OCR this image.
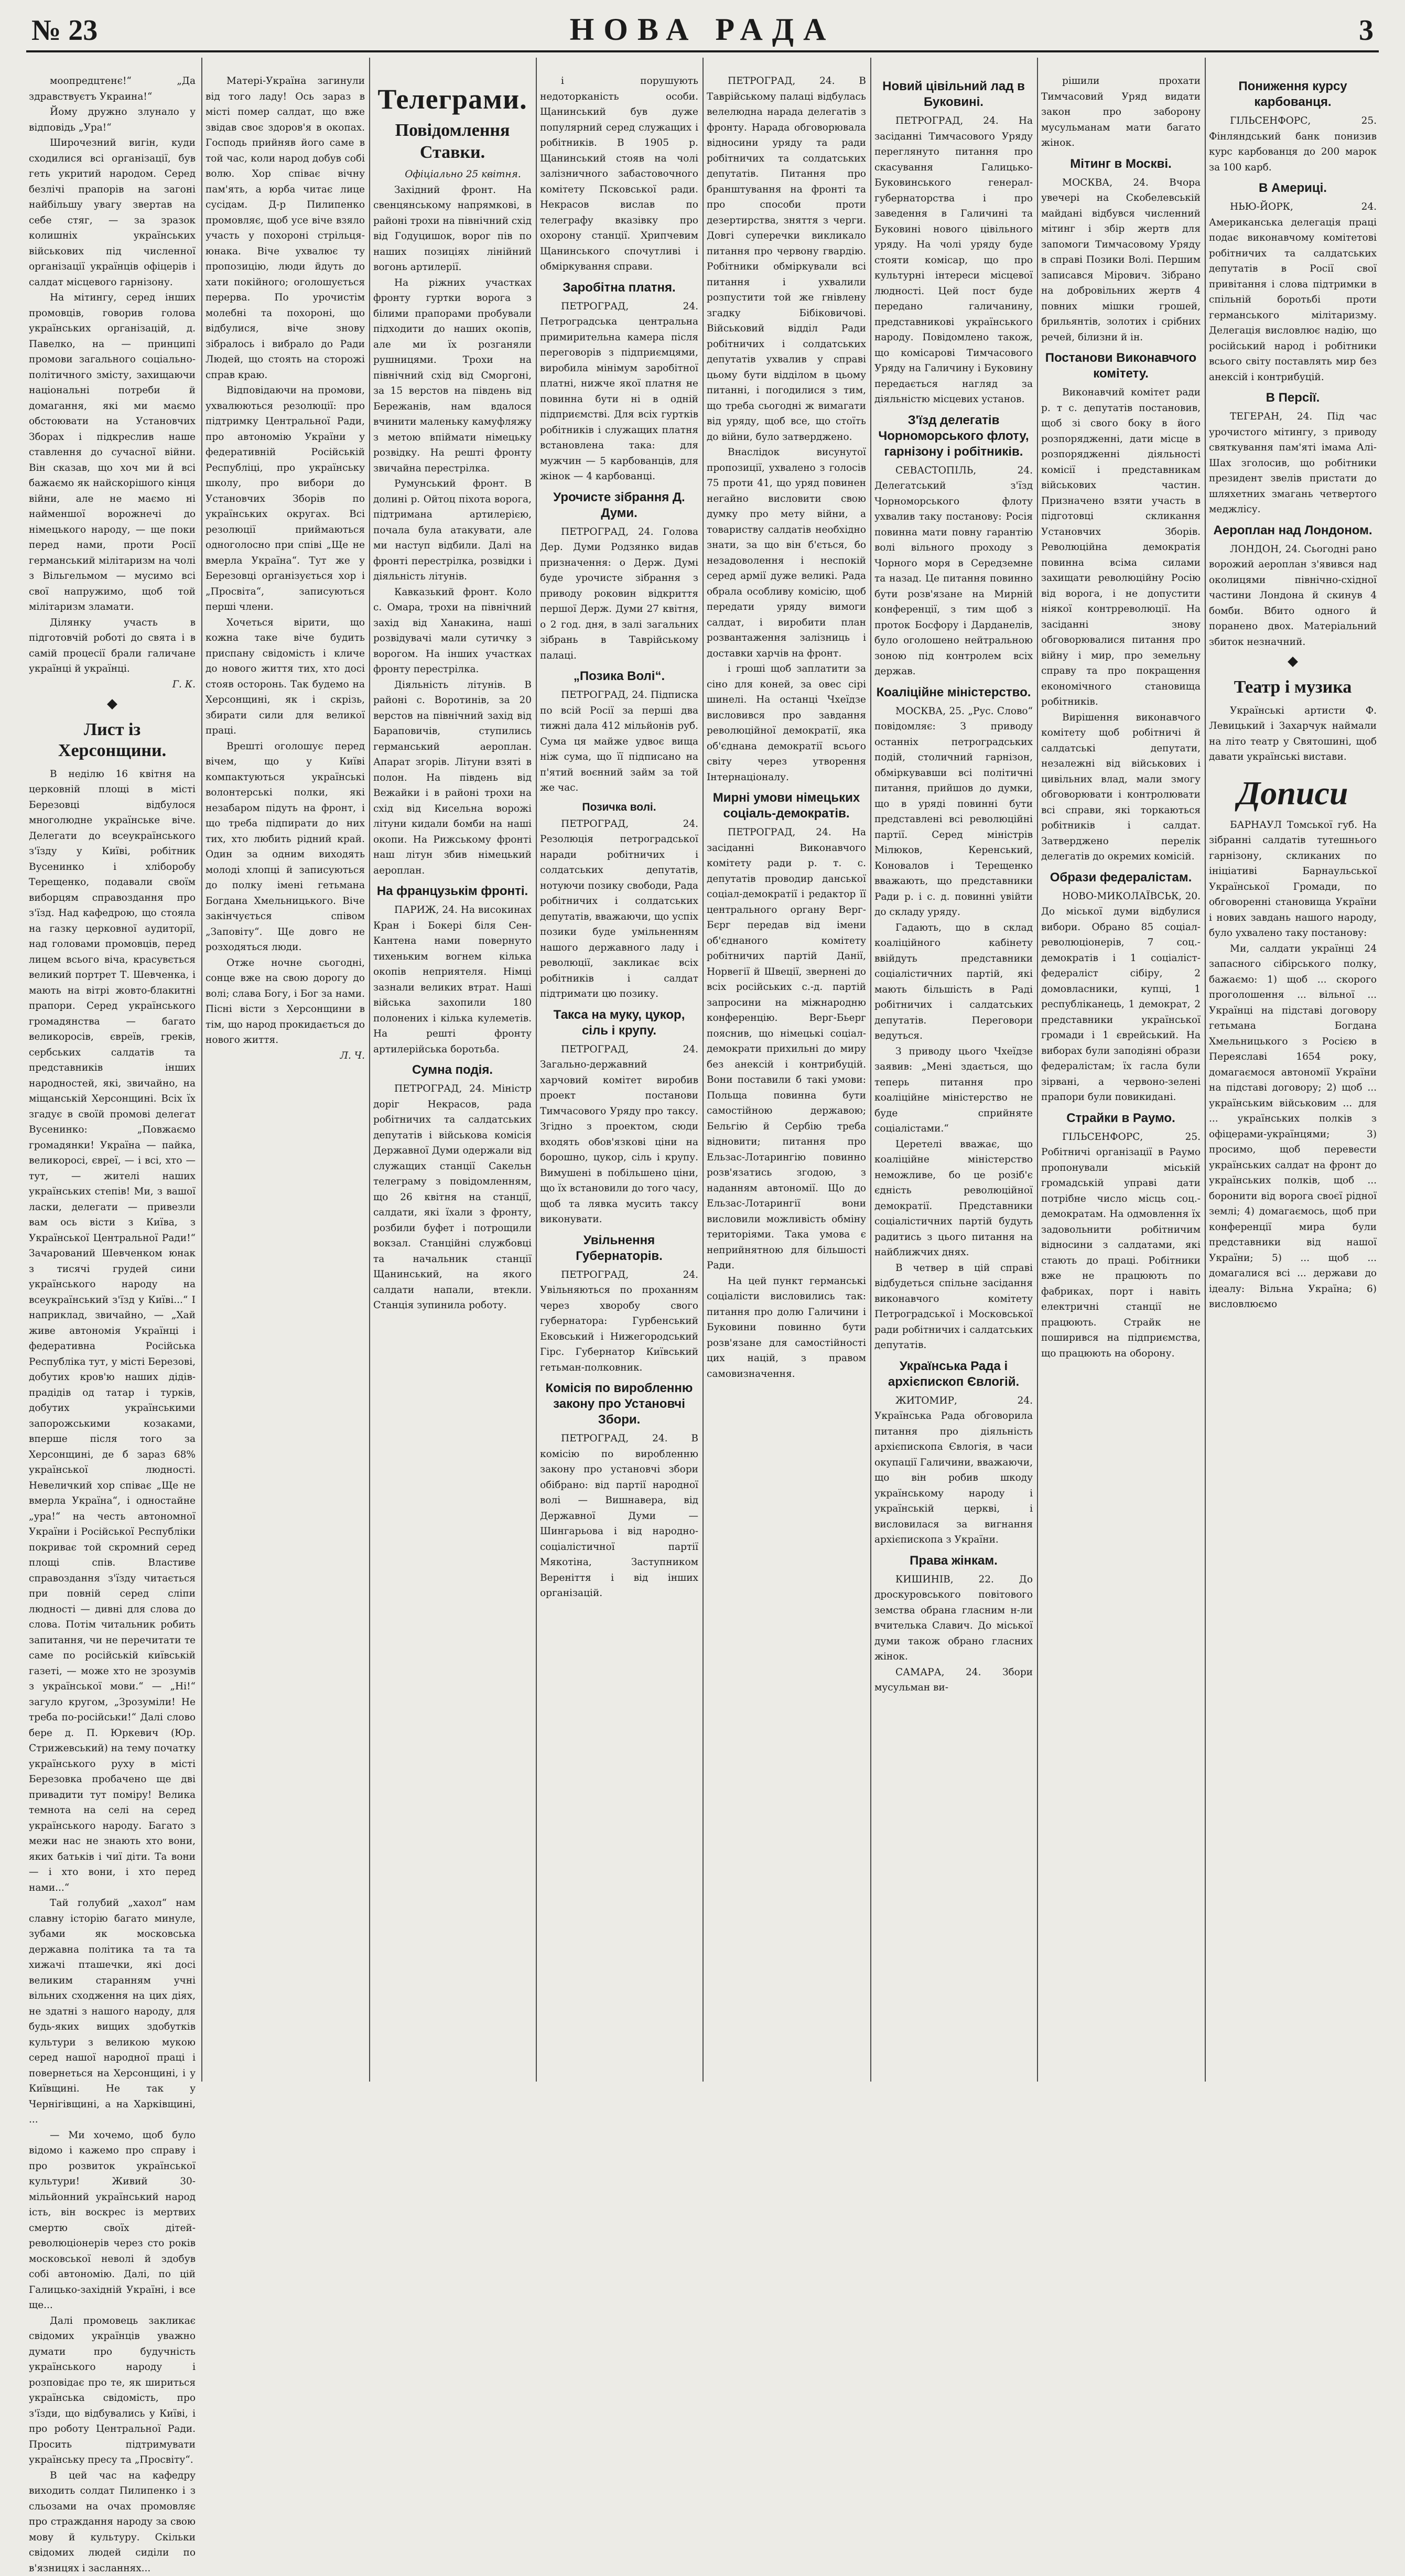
№ 23	НОВА РАДА	3

моопредцтенє!“ „Да здравствуєтъ Украина!“

Йому дружно злунало у відповідь „Ура!“

Широчезний вигін, куди сходилися всі організації, був геть укритий народом. Серед безлічі прапорів на загоні найбільшу увагу звертав на себе стяг, — за зразок колишніх українських військових під численної організації українців офіцерів і салдат місцевого гарнізону.

На мітингу, серед інших промовців, говорив голова українських організацій, д. Павелко, на — принципі промови загального соціально-політичного змісту, захищаючи національні потреби й домагання, які ми маємо обстоювати на Установчих Зборах і підкреслив наше ставлення до сучасної війни. Він сказав, що хоч ми й всі бажаємо як найскорішого кінця війни, але не маємо ні найменшої ворожнечі до німецького народу, — ще поки перед нами, проти Росії германський мілітаризм на чолі з Вільгельмом — мусимо всі свої напружимо, щоб той мілітаризм зламати.

Ділянку участь в підготовчій роботі до свята і в самій процесії брали галичане українці й українці.

Г. К.

◆
Лист із Херсонщини.

В неділю 16 квітня на церковній площі в місті Березовці відбулося многолюдне українське віче. Делегати до всеукраїнського з'їзду у Київі, робітник Вусенинко і хліборобу Терещенко, подавали своїм виборцям справоздання про з'їзд. Над кафедрою, що стояла на газку церковної аудиторії, над головами промовців, перед лицем всього віча, красувється великий портрет Т. Шевченка, і мають на вітрі жовто-блакитні прапори. Серед українського громадянства — багато великоросів, євреїв, греків, сербських салдатів та представників інших народностей, які, звичайно, на міщанській Херсонщині. Всіх їх згадує в своїй промові делегат Вусенинко: „Повжаємо громадянки! Україна — пайка, великоросі, євреї, — і всі, хто — тут, — жителі наших українських степів! Ми, з вашої ласки, делегати — привезли вам ось вісти з Київа, з Української Центральної Ради!“ Зачарований Шевченком юнак з тисячі грудей сини українського народу на всеукраїнський з'їзд у Київі...“ І наприклад, звичайно, — „Хай живе автономія Українці і федеративна Російська Республіка тут, у місті Березові, добутих кров'ю наших дідів-прадідів од татар і турків, добутих українськими запорожськими козаками, вперше після того за Херсонщині, де б зараз 68% української людності. Невеличкий хор співає „Ще не вмерла Україна“, і одностайне „ура!“ на честь автономної України і Російської Республіки покриває той скромний серед площі спів. Властиве справоздання з'їзду читається при повній серед сліпи людності — дивні для слова до слова. Потім читальник робить запитання, чи не перечитати те саме по російській київській газеті, — може хто не зрозумів з української мови.“ — „Ні!“ загуло кругом, „Зрозуміли! Не треба по-російськи!“ Далі слово бере д. П. Юркевич (Юр. Стрижевський) на тему початку українського руху в місті Березовка пробачено ще дві привадити тут поміру! Велика темнота на селі на серед українського народу. Багато з межи нас не знають хто вони, яких батьків і чиї діти. Та вони — і хто вони, і хто перед нами...“

Тай голубий „хахол“ нам славну історію багато минуле, зубами як московська державна політика та та та хижачі пташечки, які досі великим старанням учні вільних сходження на цих діях, не здатні з нашого народу, для будь-яких вищих здобутків культури з великою мукою серед нашої народної праці і повернеться на Херсонщині, і у Київщині. Не так у Чернігівщині, а на Харківщині, ...

— Ми хочемо, щоб було відомо і кажемо про справу і про розвиток української культури! Живий 30-мільйонний український народ ість, він воскрес із мертвих смертю своїх дітей-революціонерів через сто років московської неволі й здобув собі автономію. Далі, по цій Галицько-західній Україні, і все ще...

Далі промовець закликає свідомих українців уважно думати про будучність українського народу і розповідає про те, як шириться українська свідомість, про з'їзди, що відбувались у Київі, і про роботу Центральної Ради. Просить підтримувати українську пресу та „Просвіту“.

В цей час на кафедру виходить солдат Пилипенко і з сльозами на очах промовляє про страждання народу за свою мову й культуру. Скільки свідомих людей сиділи по в'язницях і засланнях...

Матері-Україна загинули від того ладу! Ось зараз в місті помер салдат, що вже звідав своє здоров'я в окопах. Господь прийняв його саме в той час, коли народ добув собі волю. Хор співає вічну пам'ять, а юрба читає лице сусідам. Д-р Пилипенко промовляє, щоб усе віче взяло участь у похороні стрільця-юнака. Віче ухвалює ту пропозицію, люди йдуть до хати покійного; оголошується перерва. По урочистім молебні та похороні, що відбулися, віче знову зібралось і вибрало до Ради Людей, що стоять на сторожі справ краю.

Відповідаючи на промови, ухвалюються резолюції: про підтримку Центральної Ради, про автономію України у федеративній Російській Республіці, про українську школу, про вибори до Установчих Зборів по українських округах. Всі резолюції приймаються одноголосно при співі „Ще не вмерла Україна“. Тут же у Березовці організується хор і „Просвіта“, записуються перші члени.

Хочеться вірити, що кожна таке віче будить приспану свідомість і кличе до нового життя тих, хто досі стояв осторонь. Так будемо на Херсонщині, як і скрізь, збирати сили для великої праці.

Врешті оголошує перед вічем, що у Київі компактуються українські волонтерські полки, які незабаром підуть на фронт, і що треба підпирати до них тих, хто любить рідний край. Один за одним виходять молоді хлопці й записуються до полку імені гетьмана Богдана Хмельницького. Віче закінчується співом „Заповіту“. Ще довго не розходяться люди.

Отже ночне сьогодні, сонце вже на свою дорогу до волі; слава Богу, і Бог за нами. Пісні вісти з Херсонщини в тім, що народ прокидається до нового життя.

Л. Ч.

Телеграми.
Повідомлення Ставки.

Офіціально 25 квітня.

Західний фронт. На свенцянському напрямкові, в районі трохи на північний схід від Годуцишок, ворог пів по наших позиціях лінійний вогонь артилерії.

На ріжних участках фронту гуртки ворога з білими прапорами пробували підходити до наших окопів, але ми їх розганяли рушницями. Трохи на північний схід від Сморгоні, за 15 верстов на південь від Бережанів, нам вдалося вчинити маленьку камуфляжу з метою впіймати німецьку розвідку. На решті фронту звичайна перестрілка.

Румунський фронт. В долині р. Ойтоц піхота ворога, підтримана артилерією, почала була атакувати, але ми наступ відбили. Далі на фронті перестрілка, розвідки і діяльність літунів.

Кавказький фронт. Коло с. Омара, трохи на північний захід від Ханакина, наші розвідувачі мали сутичку з ворогом. На інших участках фронту перестрілка.

Діяльність літунів. В районі с. Воротинів, за 20 верстов на північний захід від Бараповичів, ступились германський аероплан. Апарат згорів. Літуни взяті в полон. На південь від Вежайки і в районі трохи на схід від Кисельна ворожі літуни кидали бомби на наші окопи. На Рижському фронті наш літун збив німецький аероплан.

На французькім фронті.

ПАРИЖ, 24. На високинах Кран і Бокері біля Сен-Кантена нами повернуто тихеньким вогнем кілька окопів неприятеля. Німці зазнали великих втрат. Наші війська захопили 180 полонених і кілька кулеметів. На решті фронту артилерійська боротьба.

Сумна подія.

ПЕТРОГРАД, 24. Міністр доріг Некрасов, рада робітничих та салдатських депутатів і військова комісія Державної Думи одержали від служащих станції Сакельн телеграму з повідомленням, що 26 квітня на станції, салдати, які їхали з фронту, розбили буфет і потрощили вокзал. Станційні службовці та начальник станції Щанинський, на якого салдати напали, втекли. Станція зупинила роботу.

і порушують недоторканість особи. Щанинський був дуже популярний серед служащих і робітників. В 1905 р. Щанинський стояв на чолі залізничного забастовочного комітету Псковської ради. Некрасов вислав по телеграфу вказівку про охорону станції. Хрипчевим Щанинського спочутливі і обміркування справи.

Заробітна платня.

ПЕТРОГРАД, 24. Петроградська центральна примирительна камера після переговорів з підприємцями, виробила мінімум заробітної платні, нижче якої платня не повинна бути ні в одній підприємстві. Для всіх гуртків робітників і служащих платня встановлена така: для мужчин — 5 карбованців, для жінок — 4 карбованці.

Урочисте зібрання Д. Думи.

ПЕТРОГРАД, 24. Голова Дер. Думи Родзянко видав призначення: о Держ. Думі буде урочисте зібрання з приводу роковин відкриття першої Держ. Думи 27 квітня, о 2 год. дня, в залі загальних зібрань в Таврійському палаці.

„Позика Волі“.

ПЕТРОГРАД, 24. Підписка по всій Росії за перші два тижні дала 412 мільйонів руб. Сума ця майже удвоє вища ніж сума, що її підписано на п'ятий воєнний займ за той же час.

Позичка волі.

ПЕТРОГРАД, 24. Резолюція петроградської наради робітничих і солдатських депутатів, нотуючи позику свободи, Рада робітничих і солдатських депутатів, вважаючи, що успіх позики буде умільненням нашого державного ладу і революції, закликає всіх робітників і салдат підтримати цю позику.

Такса на муку, цукор, сіль і крупу.

ПЕТРОГРАД, 24. Загально-державний харчовий комітет виробив проект постанови Тимчасового Уряду про таксу. Згідно з проектом, сюди входять обов'язкові ціни на борошно, цукор, сіль і крупу. Вимушені в побільшено ціни, що їх встановили до того часу, щоб та лявка мусить таксу виконувати.

Увільнення Губернаторів.

ПЕТРОГРАД, 24. Увільняються по проханням через хворобу свого губернатора: Гурбенський Ековський і Нижегородський Гірс. Губернатор Київський гетьман-полковник.

Комісія по виробленню закону про Установчі Збори.

ПЕТРОГРАД, 24. В комісію по виробленню закону про установчі збори обібрано: від партії народної волі — Вишнавера, від Державної Думи — Шингарьова і від народно-соціалістичної партії Мякотіна, Заступником Вереніття і від інших організацій.

ПЕТРОГРАД, 24. В Таврійському палаці відбулась велелюдна нарада делегатів з фронту. Нарада обговорювала відносини уряду та ради робітничих та солдатських депутатів. Питання про бранштування на фронті та про способи проти дезертирства, зняття з черги. Довгі суперечки викликало питання про червону гвардію. Робітники обміркували всі питання і ухвалили розпустити той же гнівлену згадку Бібіковичові. Військовий відділ Ради робітничих і солдатських депутатів ухвалив у справі цьому бути відділом в цьому питанні, і погодилися з тим, що треба сьогодні ж вимагати від уряду, щоб все, що стоїть до війни, було затверджено.

Внаслідок висунутої пропозиції, ухвалено з голосів 75 проти 41, що уряд повинен негайно висловити свою думку про мету війни, а товариству салдатів необхідно знати, за що він б'ється, бо незадоволення і неспокій серед армії дуже великі. Рада обрала особливу комісію, щоб передати уряду вимоги салдат, і виробити план розвантаження залізниць і доставки харчів на фронт.

і гроші щоб заплатити за сіно для коней, за овес сірі шинелі. На останці Чхеїдзе висловився про завдання революційної демократії, яка об'єднана демократії всього світу через утворення Інтернаціоналу.

Мирні умови німецьких соціаль-демократів.

ПЕТРОГРАД, 24. На засіданні Виконавчого комітету ради р. т. с. депутатів проводир данської соціал-демократії і редактор її центрального органу Верг-Бєрг передав від імени об'єднаного комітету робітничих партій Данії, Норвегії й Швеції, звернені до всіх російських с.-д. партій запросини на міжнародню конференцію. Верг-Бьерг пояснив, що німецькі соціал-демократи прихильні до миру без анексій і контрибуцій. Вони поставили б такі умови: Польща повинна бути самостійною державою; Бельгію й Сербію треба відновити; питання про Ельзас-Лотарингію повинно розв'язатись згодою, з наданням автономії. Що до Ельзас-Лотарингії вони висловили можливість обміну територіями. Така умова є неприйнятною для більшості Ради.

На цей пункт германські соціалісти висловились так: питання про долю Галичини і Буковини повинно бути розв'язане для самостійності цих націй, з правом самовизначення.

Новий цівільний лад в Буковині.

ПЕТРОГРАД, 24. На засіданні Тимчасового Уряду переглянуто питання про скасування Галицько-Буковинського генерал-губернаторства і про заведення в Галичині та Буковині нового цівільного уряду. На чолі уряду буде стояти комісар, що про культурні інтереси місцевої людності. Цей пост буде передано галичанину, представникові українського народу. Повідомлено також, що комісарові Тимчасового Уряду на Галичину і Буковину передається нагляд за діяльністю місцевих установ.

З'їзд делегатів Чорноморського флоту, гарнізону і робітників.

СЕВАСТОПІЛЬ, 24. Делегатський з'їзд Чорноморського флоту ухвалив таку постанову: Росія повинна мати повну гарантію волі вільного проходу з Чорного моря в Середземне та назад. Це питання повинно бути розв'язане на Мирній конференції, з тим щоб з проток Босфору і Дарданелів, було оголошено нейтральною зоною під контролем всіх держав.

Коаліційне міністерство.

МОСКВА, 25. „Рус. Слово“ повідомляє: З приводу останніх петроградських подій, столичний гарнізон, обміркувавши всі політичні питання, прийшов до думки, що в уряді повинні бути представлені всі революційні партії. Серед міністрів Мілюков, Керенський, Коновалов і Терещенко вважають, що представники Ради р. і с. д. повинні увійти до складу уряду.

Гадають, що в склад коаліційного кабінету ввійдуть представники соціалістичних партій, які мають більшість в Раді робітничих і салдатських депутатів. Переговори ведуться.

З приводу цього Чхеїдзе заявив: „Мені здається, що теперь питання про коаліційне міністерство не буде сприйняте соціалістами.“

Церетелі вважає, що коаліційне міністерство неможливе, бо це розіб'є єдність революційної демократії. Представники соціалістичних партій будуть радитись з цього питання на найближчих днях.

В четвер в цій справі відбудеться спільне засідання виконавчого комітету Петроградської і Московської ради робітничих і салдатських депутатів.

Українська Рада і архієпископ Євлогій.

ЖИТОМИР, 24. Українська Рада обговорила питання про діяльність архієпископа Євлогія, в часи окупації Галичини, вважаючи, що він робив шкоду українському народу і українській церкві, і висловилася за вигнання архієпископа з України.

Права жінкам.

КИШИНІВ, 22. До дроскуровського повітового земства обрана гласним н-ли вчителька Славич. До міської думи також обрано гласних жінок.

САМАРА, 24. Збори мусульман ви-

рішили прохати Тимчасовий Уряд видати закон про заборону мусульманам мати багато жінок.

Мітинг в Москві.

МОСКВА, 24. Вчора увечері на Скобелевській майдані відбувся численний мітинг і збір жертв для запомоги Тимчасовому Уряду в справі Позики Волі. Першим записався Мірович. Зібрано на добровільних жертв 4 повних мішки грошей, брильянтів, золотих і срібних речей, білизни й ін.

Постанови Виконавчого комітету.

Виконавчий комітет ради р. т с. депутатів постановив, щоб зі свого боку в його розпорядженні, дати місце в розпорядженні діяльності комісії і представникам військових частин. Призначено взяти участь в підготовці скликання Установчих Зборів. Революційна демократія повинна всіма силами захищати революційну Росію від ворога, і не допустити ніякої контрреволюції. На засіданні знову обговорювалися питання про війну і мир, про земельну справу та про покращення економічного становища робітників.

Вирішення виконавчого комітету щоб робітничі й салдатські депутати, незалежні від військових і цивільних влад, мали змогу обговорювати і контролювати всі справи, які торкаються робітників і салдат. Затверджено перелік делегатів до окремих комісій.

Образи федералістам.

НОВО-МИКОЛАЇВСЬК, 20. До міської думи відбулися вибори. Обрано 85 соціал-революціонерів, 7 соц.-демократів і 1 соціаліст-федераліст сібіру, 2 домовласники, купці, 1 республіканець, 1 демократ, 2 представники української громади і 1 єврейський. На виборах були заподіяні образи федералістам; їх гасла були зірвані, а червоно-зелені прапори були повикидані.

Страйки в Раумо.

ГІЛЬСЕНФОРС, 25. Робітничі організації в Раумо пропонували міській громадській управі дати потрібне число місць соц.-демократам. На одмовлення їх задовольнити робітничим відносини з салдатами, які стають до праці. Робітники вже не працюють по фабриках, порт і навіть електричні станції не працюють. Страйк не поширився на підприємства, що працюють на оборону.

Пониження курсу карбованця.

ГІЛЬСЕНФОРС, 25. Фінляндський банк понизив курс карбованця до 200 марок за 100 карб.

В Америці.

НЬЮ-ЙОРК, 24. Американська делегація праці подає виконавчому комітетові робітничих та салдатських депутатів в Росії свої привітання і слова підтримки в спільній боротьбі проти германського мілітаризму. Делегація висловлює надію, що російський народ і робітники всього світу поставлять мир без анексій і контрибуцій.

В Персії.

ТЕГЕРАН, 24. Під час урочистого мітингу, з приводу святкування пам'яті імама Алі-Шах зголосив, що робітники президент звелів пристати до шляхетних змагань четвертого меджлісу.

Аероплан над Лондоном.

ЛОНДОН, 24. Сьогодні рано ворожий аероплан з'явився над околицями північно-східної частини Лондона й скинув 4 бомби. Вбито одного й поранено двох. Матеріальний збиток незначний.

◆
Театр і музика

Українські артисти Ф. Левицький і Захарчук наймали на літо театр у Святошині, щоб давати українські вистави.

Дописи

БАРНАУЛ Томської губ. На зібранні салдатів тутешнього гарнізону, скликаних по ініціативі Барнаульської Української Громади, по обговоренні становища України і нових завдань нашого народу, було ухвалено таку постанову:

Ми, салдати українці 24 запасного сібірського полку, бажаємо: 1) щоб ... скорого проголошення ... вільної ... Українці на підставі договору гетьмана Богдана Хмельницького з Росією в Переяславі 1654 року, домагаємося автономії України на підставі договору; 2) щоб ... українським військовим ... для ... українських полків з офіцерами-українцями; 3) просимо, щоб перевести українських салдат на фронт до українських полків, щоб ... боронити від ворога своєї рідної землі; 4) домагаємось, щоб при конференції мира були представники від нашої України; 5) ... щоб ... домагалися всі ... держави до ідеалу: Вільна Україна; 6) висловлюємо
